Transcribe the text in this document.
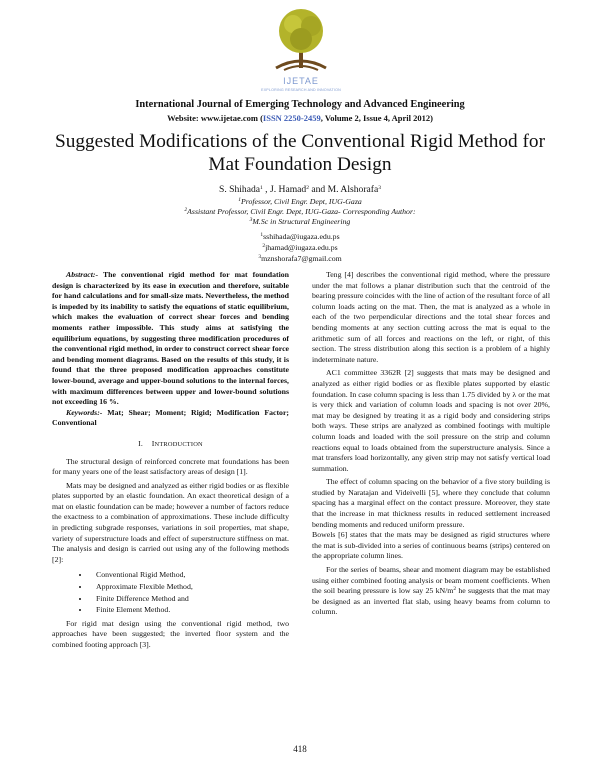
IJETAE
EXPLORING RESEARCH AND INNOVATION
International Journal of Emerging Technology and Advanced Engineering
Website: www.ijetae.com (ISSN 2250-2459, Volume 2, Issue 4, April 2012)
Suggested Modifications of the Conventional Rigid Method for Mat Foundation Design
S. Shihada$^1$ , J. Hamad$^2$ and M. Alshorafa$^3$
$^1$Professor, Civil Engr. Dept, IUG-Gaza
$^2$Assistant Professor, Civil Engr. Dept, IUG-Gaza- Corresponding Author:
$^3$M.Sc in Structural Engineering
$^1$sshihada@iugaza.edu.ps
$^2$jhamad@iugaza.edu.ps
$^3$mznshorafa7@gmail.com

Abstract:- The conventional rigid method for mat foundation design is characterized by its ease in execution and therefore, suitable for hand calculations and for small-size mats. Nevertheless, the method is impeded by its inability to satisfy the equations of static equilibrium, which makes the evaluation of correct shear forces and bending moments rather impossible. This study aims at satisfying the equilibrium equations, by suggesting three modification procedures of the conventional rigid method, in order to construct correct shear force and bending moment diagrams. Based on the results of this study, it is found that the three proposed modification approaches constitute lower-bound, average and upper-bound solutions to the internal forces, with maximum differences between upper and lower-bound solutions not exceeding 16 %.

Keywords:- Mat; Shear; Moment; Rigid; Modification Factor; Conventional

I. INTRODUCTION

The structural design of reinforced concrete mat foundations has been for many years one of the least satisfactory areas of design [1].

Mats may be designed and analyzed as either rigid bodies or as flexible plates supported by an elastic foundation. An exact theoretical design of a mat on elastic foundation can be made; however a number of factors reduce the exactness to a combination of approximations. These include difficulty in predicting subgrade responses, variations in soil properties, mat shape, variety of superstructure loads and effect of superstructure stiffness on mat. The analysis and design is carried out using any of the following methods [2]:

• Conventional Rigid Method,
• Approximate Flexible Method,
• Finite Difference Method and
• Finite Element Method.

For rigid mat design using the conventional rigid method, two approaches have been suggested; the inverted floor system and the combined footing approach [3].

Teng [4] describes the conventional rigid method, where the pressure under the mat follows a planar distribution such that the centroid of the bearing pressure coincides with the line of action of the resultant force of all column loads acting on the mat. Then, the mat is analyzed as a whole in each of the two perpendicular directions and the total shear forces and bending moments at any section cutting across the mat is equal to the arithmetic sum of all forces and reactions on the left, or right, of this section. The stress distribution along this section is a problem of a highly indeterminate nature.

AC1 committee 3362R [2] suggests that mats may be designed and analyzed as either rigid bodies or as flexible plates supported by elastic foundation. In case column spacing is less than 1.75 divided by λ or the mat is very thick and variation of column loads and spacing is not over 20%, mat may be designed by treating it as a rigid body and considering strips both ways. These strips are analyzed as combined footings with multiple column loads and loaded with the soil pressure on the strip and column reactions equal to loads obtained from the superstructure analysis. Since a mat transfers load horizontally, any given strip may not satisfy vertical load summation.

The effect of column spacing on the behavior of a five story building is studied by Naratajan and Videivelli [5], where they conclude that column spacing has a marginal effect on the contact pressure. Moreover, they state that the increase in mat thickness results in reduced settlement increased bending moments and reduced uniform pressure.

Bowels [6] states that the mats may be designed as rigid structures where the mat is sub-divided into a series of continuous beams (strips) centered on the appropriate column lines.

For the series of beams, shear and moment diagram may be established using either combined footing analysis or beam moment coefficients. When the soil bearing pressure is low say 25 $kN/m^2$ he suggests that the mat may be designed as an inverted flat slab, using heavy beams from column to column.

418
